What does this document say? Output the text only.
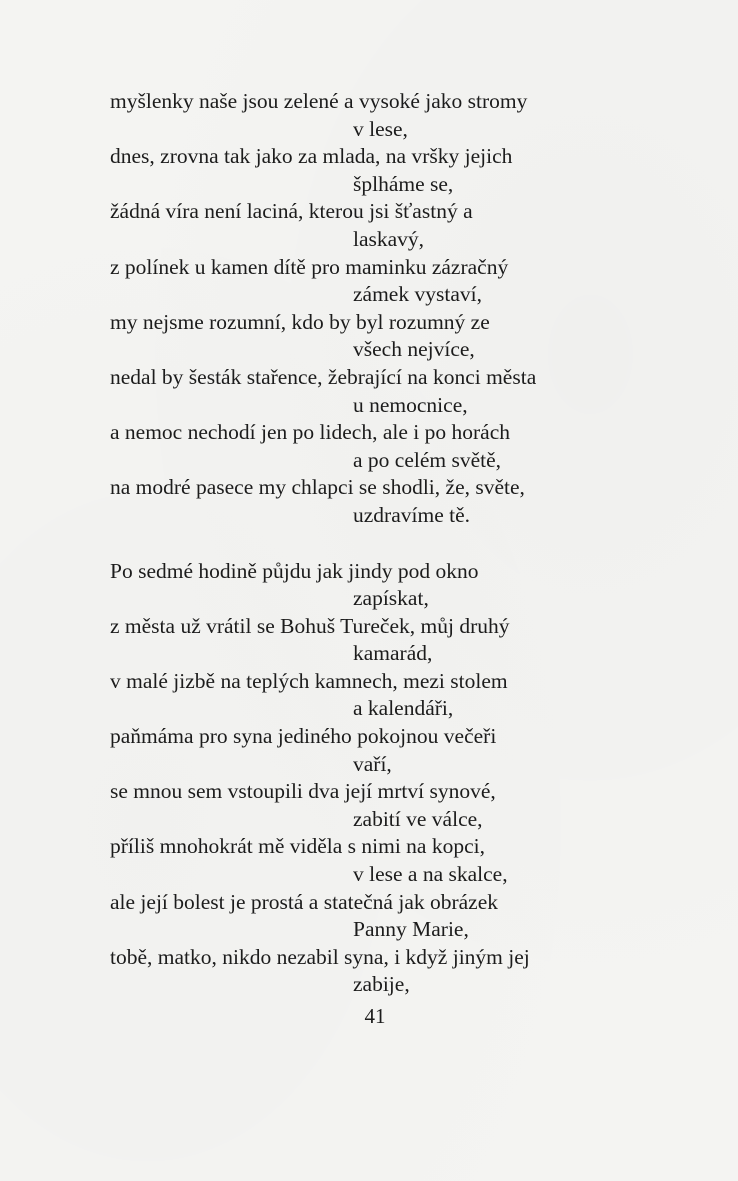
myšlenky naše jsou zelené a vysoké jako stromy
v lese,
dnes, zrovna tak jako za mlada, na vršky jejich
šplháme se,
žádná víra není laciná, kterou jsi šťastný a
laskavý,
z polínek u kamen dítě pro maminku zázračný
zámek vystaví,
my nejsme rozumní, kdo by byl rozumný ze
všech nejvíce,
nedal by šesták stařence, žebrající na konci města
u nemocnice,
a nemoc nechodí jen po lidech, ale i po horách
a po celém světě,
na modré pasece my chlapci se shodli, že, světe,
uzdravíme tě.
Po sedmé hodině půjdu jak jindy pod okno
zapískat,
z města už vrátil se Bohuš Tureček, můj druhý
kamarád,
v malé jizbě na teplých kamnech, mezi stolem
a kalendáři,
paňmáma pro syna jediného pokojnou večeři
vaří,
se mnou sem vstoupili dva její mrtví synové,
zabití ve válce,
příliš mnohokrát mě viděla s nimi na kopci,
v lese a na skalce,
ale její bolest je prostá a statečná jak obrázek
Panny Marie,
tobě, matko, nikdo nezabil syna, i když jiným jej
zabije,
41
